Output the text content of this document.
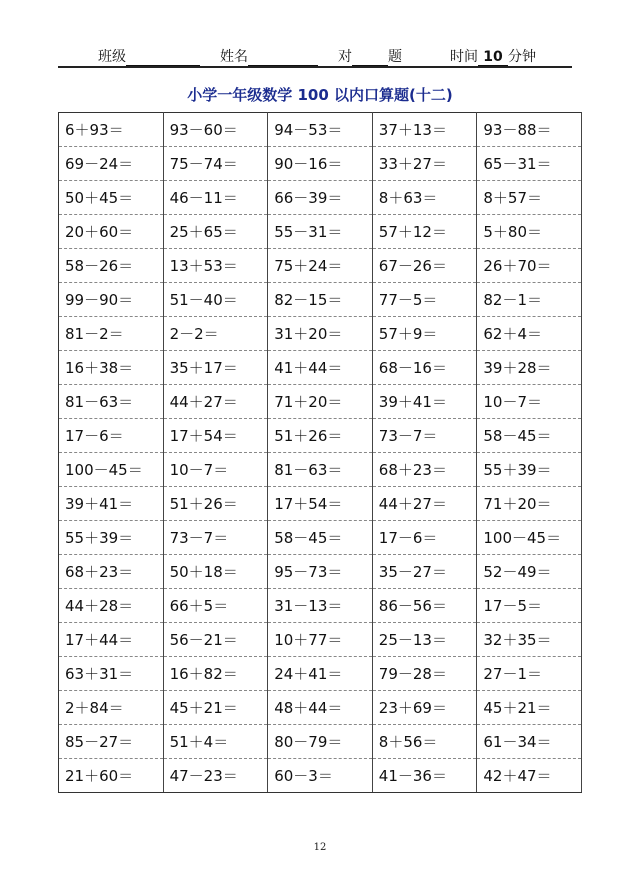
班级	姓名	对	题	时间 10 分钟
小学一年级数学 100 以内口算题(十二)
6＋93＝	93－60＝	94－53＝	37＋13＝	93－88＝
69－24＝	75－74＝	90－16＝	33＋27＝	65－31＝
50＋45＝	46－11＝	66－39＝	8＋63＝	8＋57＝
20＋60＝	25＋65＝	55－31＝	57＋12＝	5＋80＝
58－26＝	13＋53＝	75＋24＝	67－26＝	26＋70＝
99－90＝	51－40＝	82－15＝	77－5＝	82－1＝
81－2＝	2－2＝	31＋20＝	57＋9＝	62＋4＝
16＋38＝	35＋17＝	41＋44＝	68－16＝	39＋28＝
81－63＝	44＋27＝	71＋20＝	39＋41＝	10－7＝
17－6＝	17＋54＝	51＋26＝	73－7＝	58－45＝
100－45＝	10－7＝	81－63＝	68＋23＝	55＋39＝
39＋41＝	51＋26＝	17＋54＝	44＋27＝	71＋20＝
55＋39＝	73－7＝	58－45＝	17－6＝	100－45＝
68＋23＝	50＋18＝	95－73＝	35－27＝	52－49＝
44＋28＝	66＋5＝	31－13＝	86－56＝	17－5＝
17＋44＝	56－21＝	10＋77＝	25－13＝	32＋35＝
63＋31＝	16＋82＝	24＋41＝	79－28＝	27－1＝
2＋84＝	45＋21＝	48＋44＝	23＋69＝	45＋21＝
85－27＝	51＋4＝	80－79＝	8＋56＝	61－34＝
21＋60＝	47－23＝	60－3＝	41－36＝	42＋47＝
12
